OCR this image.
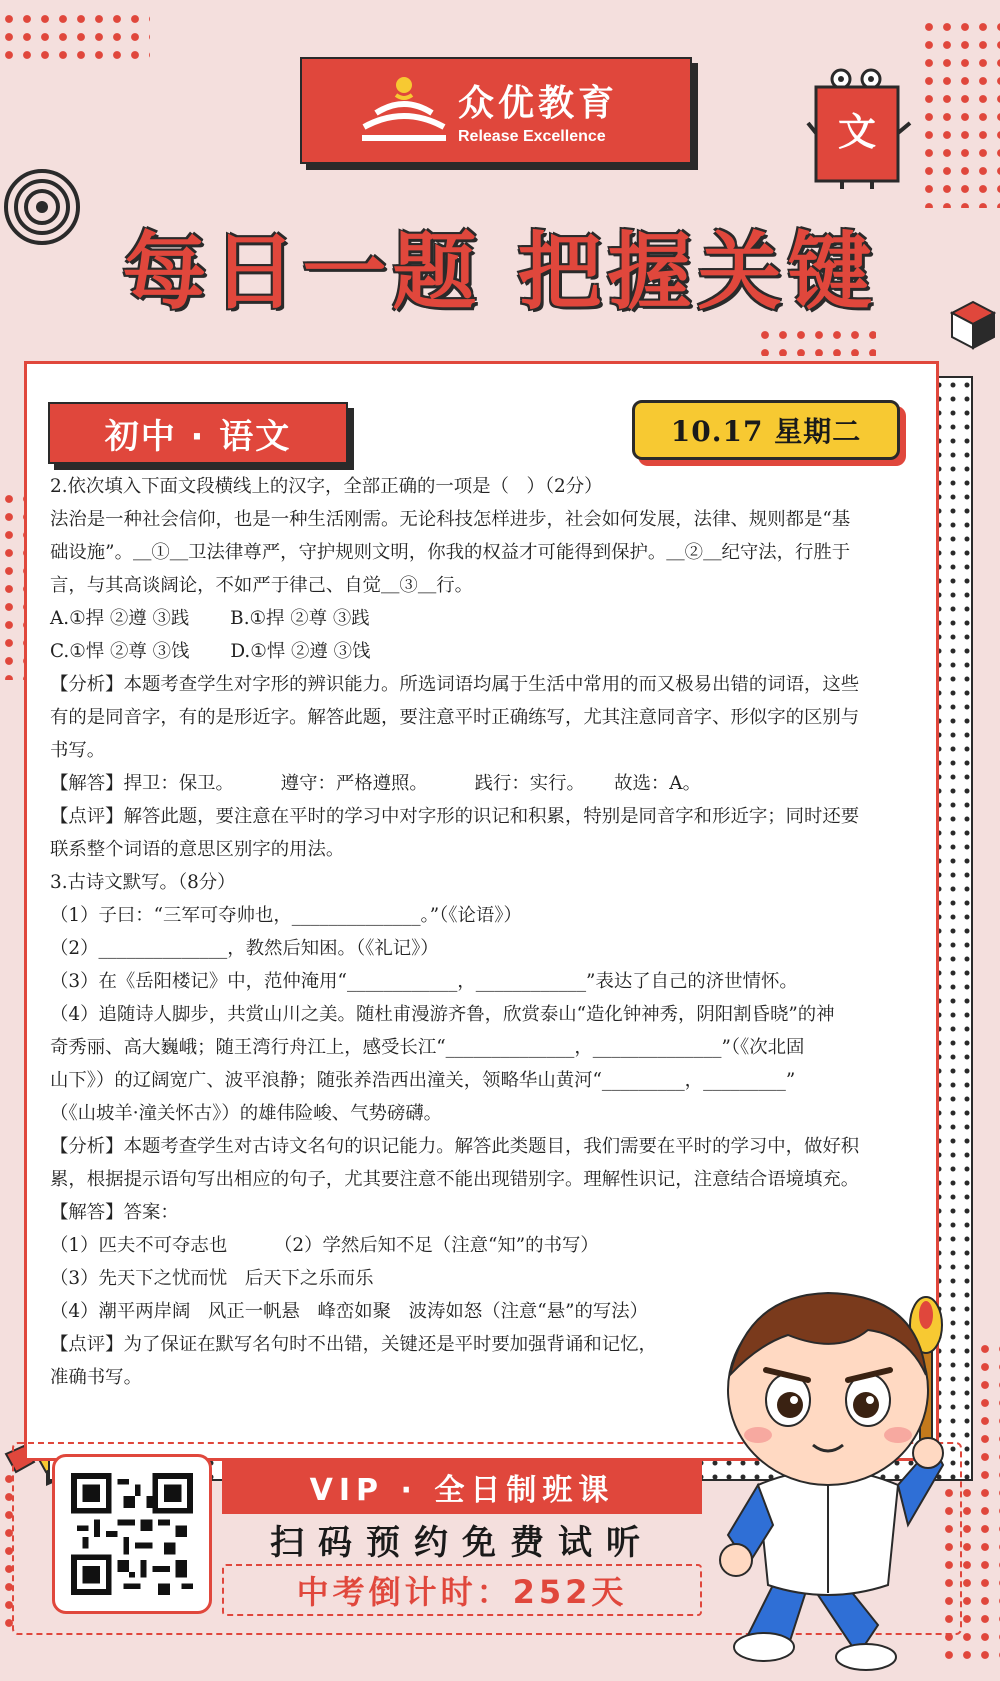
众优教育
Release Excellence	文
每日一题 把握关键
初中 · 语文	10.17 星期二

2.依次填入下面文段横线上的汉字，全部正确的一项是（   ）（2分）

法治是一种社会信仰，也是一种生活刚需。无论科技怎样进步，社会如何发展，法律、规则都是“基

础设施”。＿①＿卫法律尊严，守护规则文明，你我的权益才可能得到保护。＿②＿纪守法，行胜于

言，与其高谈阔论，不如严于律己、自觉＿③＿行。

A.①捍 ②遵 ③践       B.①捍 ②尊 ③践

C.①悍 ②尊 ③饯       D.①悍 ②遵 ③饯

【分析】本题考查学生对字形的辨识能力。所选词语均属于生活中常用的而又极易出错的词语，这些

有的是同音字，有的是形近字。解答此题，要注意平时正确练写，尤其注意同音字、形似字的区别与

书写。

【解答】捍卫：保卫。        遵守：严格遵照。        践行：实行。     故选：A。

【点评】解答此题，要注意在平时的学习中对字形的识记和积累，特别是同音字和形近字；同时还要

联系整个词语的意思区别字的用法。

3.古诗文默写。（8分）

（1）子曰：“三军可夺帅也，______________。”（《论语》）

（2）______________，教然后知困。（《礼记》）

（3）在《岳阳楼记》中，范仲淹用“____________，____________”表达了自己的济世情怀。

（4）追随诗人脚步，共赏山川之美。随杜甫漫游齐鲁，欣赏泰山“造化钟神秀，阴阳割昏晓”的神

奇秀丽、高大巍峨；随王湾行舟江上，感受长江“______________，______________”（《次北固

山下》）的辽阔宽广、波平浪静；随张养浩西出潼关，领略华山黄河“_________，_________”

（《山坡羊·潼关怀古》）的雄伟险峻、气势磅礴。

【分析】本题考查学生对古诗文名句的识记能力。解答此类题目，我们需要在平时的学习中，做好积

累，根据提示语句写出相应的句子，尤其要注意不能出现错别字。理解性识记，注意结合语境填充。

【解答】答案：

（1）匹夫不可夺志也        （2）学然后知不足（注意“知”的书写）

（3）先天下之忧而忧   后天下之乐而乐

（4）潮平两岸阔   风正一帆悬   峰峦如聚   波涛如怒（注意“悬”的写法）

【点评】为了保证在默写名句时不出错，关键还是平时要加强背诵和记忆，

准确书写。

VIP · 全日制班课
扫码预约免费试听
中考倒计时：252天
